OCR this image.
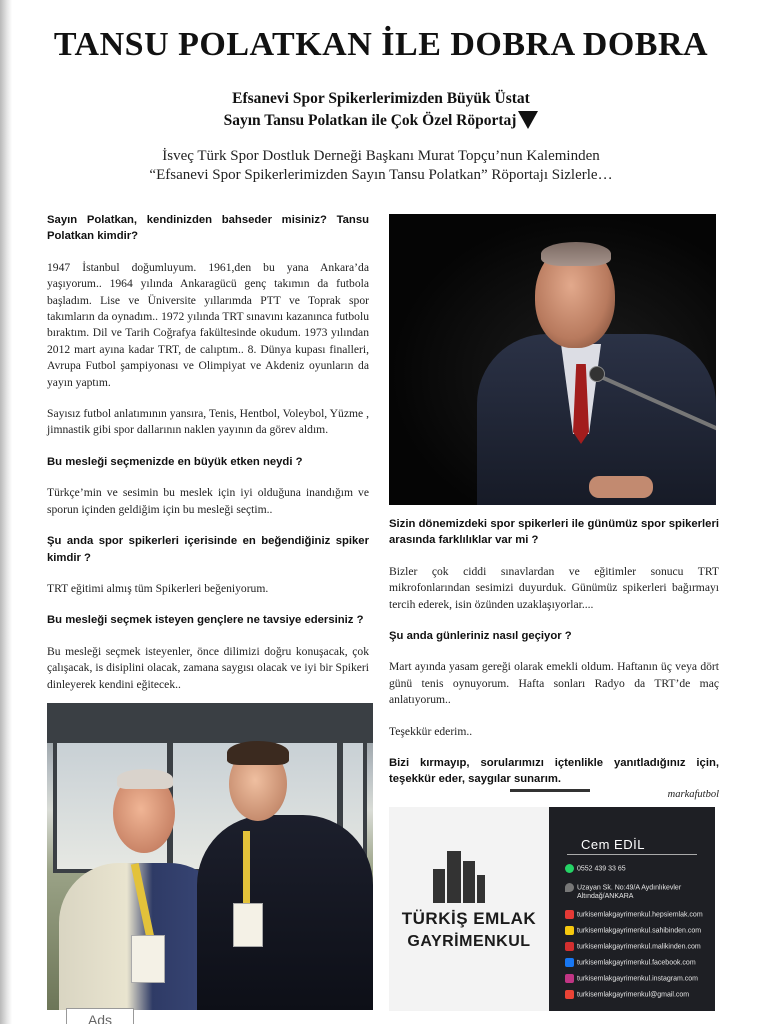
TANSU POLATKAN İLE DOBRA DOBRA
Efsanevi Spor Spikerlerimizden Büyük Üstat
Sayın Tansu Polatkan ile Çok Özel Röportaj
İsveç Türk Spor Dostluk Derneği Başkanı Murat Topçu’nun Kaleminden
“Efsanevi Spor Spikerlerimizden Sayın Tansu Polatkan” Röportajı Sizlerle…

Sayın Polatkan, kendinizden bahseder misiniz? Tansu Polatkan kimdir?

1947 İstanbul doğumluyum. 1961,den bu yana Ankara’da yaşıyorum.. 1964 yılında Ankaragücü genç takımın da futbola başladım. Lise ve Üniversite yıllarımda PTT ve Toprak spor takımların da oynadım.. 1972 yılında TRT sınavını kazanınca futbolu bıraktım. Dil ve Tarih Coğrafya fakültesinde okudum. 1973 yılından 2012 mart ayına kadar TRT, de calıptım.. 8. Dünya kupası finalleri, Avrupa Futbol şampiyonası ve Olimpiyat ve Akdeniz oyunların da yayın yaptım.

Sayısız futbol anlatımının yansıra, Tenis, Hentbol, Voleybol, Yüzme , jimnastik gibi spor dallarının naklen yayının da görev aldım.

Bu mesleği seçmenizde en büyük etken neydi ?

Türkçe’min ve sesimin bu meslek için iyi olduğuna inandığım ve sporun içinden geldiğim için bu mesleği seçtim..

Şu anda spor spikerleri içerisinde en beğendiğiniz spiker kimdir ?

TRT eğitimi almış tüm Spikerleri beğeniyorum.

Bu mesleği seçmek isteyen gençlere ne tavsiye edersiniz ?

Bu mesleği seçmek isteyenler, önce dilimizi doğru konuşacak, çok çalışacak, is disiplini olacak, zamana saygısı olacak ve iyi bir Spikeri dinleyerek kendini eğitecek..

Sizin dönemizdeki spor spikerleri ile günümüz spor spikerleri arasında farklılıklar var mi ?

Bizler çok ciddi sınavlardan ve eğitimler sonucu TRT mikrofonlarından sesimizi duyurduk. Günümüz spikerleri bağırmayı tercih ederek, isin özünden uzaklaşıyorlar....

Şu anda günleriniz nasıl geçiyor ?

Mart ayında yasam gereği olarak emekli oldum. Haftanın üç veya dört günü tenis oynuyorum. Hafta sonları Radyo da TRT’de maç anlatıyorum..

Teşekkür ederim..

Bizi kırmayıp, sorularımızı içtenlikle yanıtladığınız için, teşekkür eder, saygılar sunarım.

markafutbol

TÜRKİŞ EMLAK
GAYRİMENKUL
Cem EDİL
0552 439 33 65
Uzayan Sk. No:49/A Aydınlıkevler
Altındağ/ANKARA
turkisemlakgayrimenkul.hepsiemlak.com
turkisemlakgayrimenkul.sahibinden.com
turkisemlakgayrimenkul.malikinden.com
turkisemlakgayrimenkul.facebook.com
turkisemlakgayrimenkul.instagram.com
turkisemlakgayrimenkul@gmail.com
Ads
